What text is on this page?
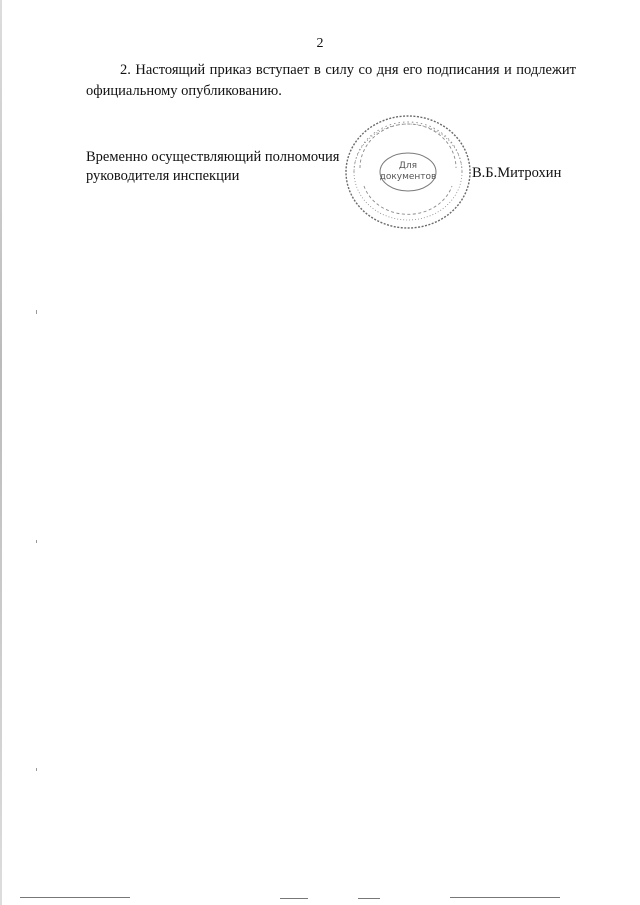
2

2. Настоящий приказ вступает в силу со дня его подписания и подлежит официальному опубликованию.

Для
документов
Временно осуществляющий полномочия
руководителя инспекции	В.Б.Митрохин
